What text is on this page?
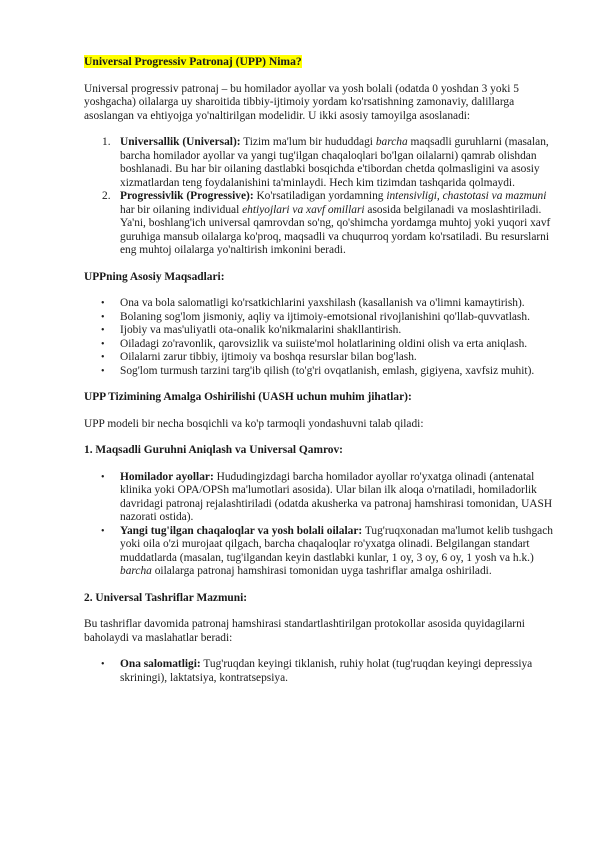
Universal Progressiv Patronaj (UPP) Nima?

Universal progressiv patronaj – bu homilador ayollar va yosh bolali (odatda 0 yoshdan 3 yoki 5 yoshgacha) oilalarga uy sharoitida tibbiy-ijtimoiy yordam ko'rsatishning zamonaviy, dalillarga asoslangan va ehtiyojga yo'naltirilgan modelidir. U ikki asosiy tamoyilga asoslanadi:

1. Universallik (Universal): Tizim ma'lum bir hududdagi barcha maqsadli guruhlarni (masalan, barcha homilador ayollar va yangi tug'ilgan chaqaloqlari bo'lgan oilalarni) qamrab olishdan boshlanadi. Bu har bir oilaning dastlabki bosqichda e'tibordan chetda qolmasligini va asosiy xizmatlardan teng foydalanishini ta'minlaydi. Hech kim tizimdan tashqarida qolmaydi.
2. Progressivlik (Progressive): Ko'rsatiladigan yordamning intensivligi, chastotasi va mazmuni har bir oilaning individual ehtiyojlari va xavf omillari asosida belgilanadi va moslashtiriladi. Ya'ni, boshlang'ich universal qamrovdan so'ng, qo'shimcha yordamga muhtoj yoki yuqori xavf guruhiga mansub oilalarga ko'proq, maqsadli va chuqurroq yordam ko'rsatiladi. Bu resurslarni eng muhtoj oilalarga yo'naltirish imkonini beradi.

UPPning Asosiy Maqsadlari:

• Ona va bola salomatligi ko'rsatkichlarini yaxshilash (kasallanish va o'limni kamaytirish).
• Bolaning sog'lom jismoniy, aqliy va ijtimoiy-emotsional rivojlanishini qo'llab-quvvatlash.
• Ijobiy va mas'uliyatli ota-onalik ko'nikmalarini shakllantirish.
• Oiladagi zo'ravonlik, qarovsizlik va suiiste'mol holatlarining oldini olish va erta aniqlash.
• Oilalarni zarur tibbiy, ijtimoiy va boshqa resurslar bilan bog'lash.
• Sog'lom turmush tarzini targ'ib qilish (to'g'ri ovqatlanish, emlash, gigiyena, xavfsiz muhit).

UPP Tizimining Amalga Oshirilishi (UASH uchun muhim jihatlar):

UPP modeli bir necha bosqichli va ko'p tarmoqli yondashuvni talab qiladi:

1. Maqsadli Guruhni Aniqlash va Universal Qamrov:

• Homilador ayollar: Hududingizdagi barcha homilador ayollar ro'yxatga olinadi (antenatal klinika yoki OPA/OPSh ma'lumotlari asosida). Ular bilan ilk aloqa o'rnatiladi, homiladorlik davridagi patronaj rejalashtiriladi (odatda akusherka va patronaj hamshirasi tomonidan, UASH nazorati ostida).
• Yangi tug'ilgan chaqaloqlar va yosh bolali oilalar: Tug'ruqxonadan ma'lumot kelib tushgach yoki oila o'zi murojaat qilgach, barcha chaqaloqlar ro'yxatga olinadi. Belgilangan standart muddatlarda (masalan, tug'ilgandan keyin dastlabki kunlar, 1 oy, 3 oy, 6 oy, 1 yosh va h.k.) barcha oilalarga patronaj hamshirasi tomonidan uyga tashriflar amalga oshiriladi.

2. Universal Tashriflar Mazmuni:

Bu tashriflar davomida patronaj hamshirasi standartlashtirilgan protokollar asosida quyidagilarni baholaydi va maslahatlar beradi:

• Ona salomatligi: Tug'ruqdan keyingi tiklanish, ruhiy holat (tug'ruqdan keyingi depressiya skriningi), laktatsiya, kontratsepsiya.
